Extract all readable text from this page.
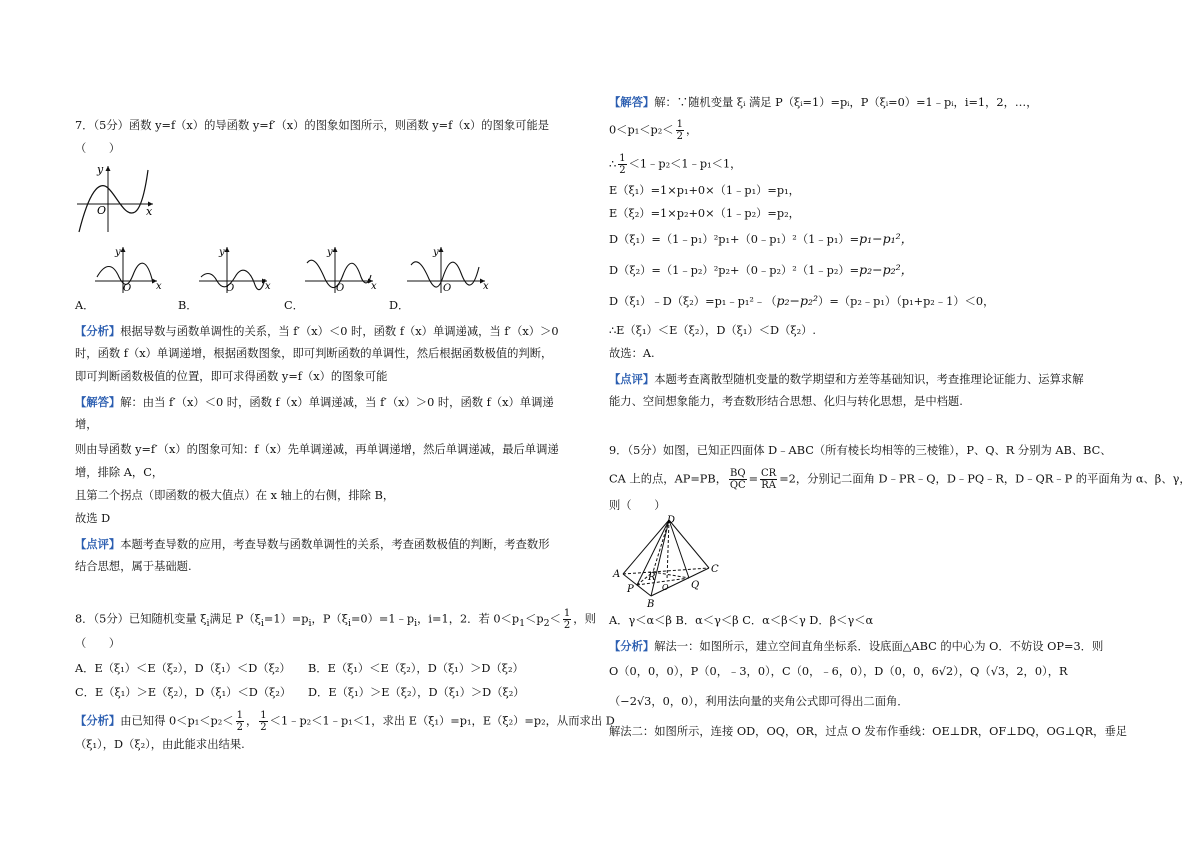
7．（5分）函数 y=f（x）的导函数 y=f′（x）的图象如图所示，则函数 y=f（x）的图象可能是
（　　）
y
O	x
y
O x
y
O	x
y
O	x
y
O	x
A．	B．	C．	D．
【分析】根据导数与函数单调性的关系，当 f′（x）＜0 时，函数 f（x）单调递减，当 f′（x）＞0
时，函数 f（x）单调递增，根据函数图象，即可判断函数的单调性，然后根据函数极值的判断，
即可判断函数极值的位置，即可求得函数 y=f（x）的图象可能
【解答】解：由当 f′（x）＜0 时，函数 f（x）单调递减，当 f′（x）＞0 时，函数 f（x）单调递
增，
则由导函数 y=f′（x）的图象可知：f（x）先单调递减，再单调递增，然后单调递减，最后单调递
增，排除 A，C，
且第二个拐点（即函数的极大值点）在 x 轴上的右侧，排除 B，
故选 D
【点评】本题考查导数的应用，考查导数与函数单调性的关系，考查函数极值的判断，考查数形
结合思想，属于基础题.
8．（5分）已知随机变量 $\xi_i$满足 $P(\xi_i=1)=p_i$，$P(\xi_i=0)=1﹣p_i$，i=1，2．若 $0<p_1<p_2< \frac{1}{2}$ ，则
（　　）
A．E（ξ₁）＜E（ξ₂），D（ξ₁）＜D（ξ₂） B．E（ξ₁）＜E（ξ₂），D（ξ₁）＞D（ξ₂）
C．E（ξ₁）＞E（ξ₂），D（ξ₁）＜D（ξ₂） D．E（ξ₁）＞E（ξ₂），D（ξ₁）＞D（ξ₂）
【分析】由已知得 $0<p_1<p_2< \frac{1}{2}$ ， $\frac{1}{2}$ ＜1﹣p₂＜1﹣p₁＜1，求出 E（ξ₁）=p₁，E（ξ₂）=p₂，从而求出 D
（ξ₁），D（ξ₂），由此能求出结果.
【解答】解：∵随机变量 ξᵢ 满足 P（ξᵢ=1）=pᵢ，P（ξᵢ=0）=1﹣pᵢ，i=1，2，…，
$0<p_1<p_2< \frac{1}{2}$ ，
∴ $\frac{1}{2}$ ＜1﹣p₂＜1﹣p₁＜1，
E（ξ₁）=1×p₁+0×（1﹣p₁）=p₁，
E（ξ₂）=1×p₂+0×（1﹣p₂）=p₂，
D（ξ₁）=（1﹣p₁）²p₁+（0﹣p₁）²（1﹣p₁）=p₁−p₁²，
D（ξ₂）=（1﹣p₂）²p₂+（0﹣p₂）²（1﹣p₂）=p₂−p₂²，
D（ξ₁）﹣D（ξ₂）=p₁﹣p₁²﹣（p₂−p₂²）=（p₂﹣p₁）（p₁+p₂﹣1）＜0，
∴E（ξ₁）＜E（ξ₂），D（ξ₁）＜D（ξ₂）.
故选：A.
【点评】本题考查离散型随机变量的数学期望和方差等基础知识，考查推理论证能力、运算求解
能力、空间想象能力，考查数形结合思想、化归与转化思想，是中档题.
9．（5分）如图，已知正四面体 D﹣ABC（所有棱长均相等的三棱锥），P、Q、R 分别为 AB、BC、
CA 上的点，AP=PB， $\frac{BQ}{QC} = \frac{CR}{RA} =2$，分别记二面角 D﹣PR﹣Q，D﹣PQ﹣R，D﹣QR﹣P 的平面角为 α、β、γ，
则（　　）
D
A
B
C
P	Q
R
O
A．γ＜α＜β B．α＜γ＜β C．α＜β＜γ D．β＜γ＜α
【分析】解法一：如图所示，建立空间直角坐标系．设底面△ABC 的中心为 O．不妨设 OP=3．则
O（0，0，0），P（0，﹣3，0），C（0，﹣6，0），D（0，0，6√2），Q（√3，2，0），R
（−2√3，0，0），利用法向量的夹角公式即可得出二面角．
解法二：如图所示，连接 OD，OQ，OR，过点 O 发布作垂线：OE⊥DR，OF⊥DQ，OG⊥QR，垂足
